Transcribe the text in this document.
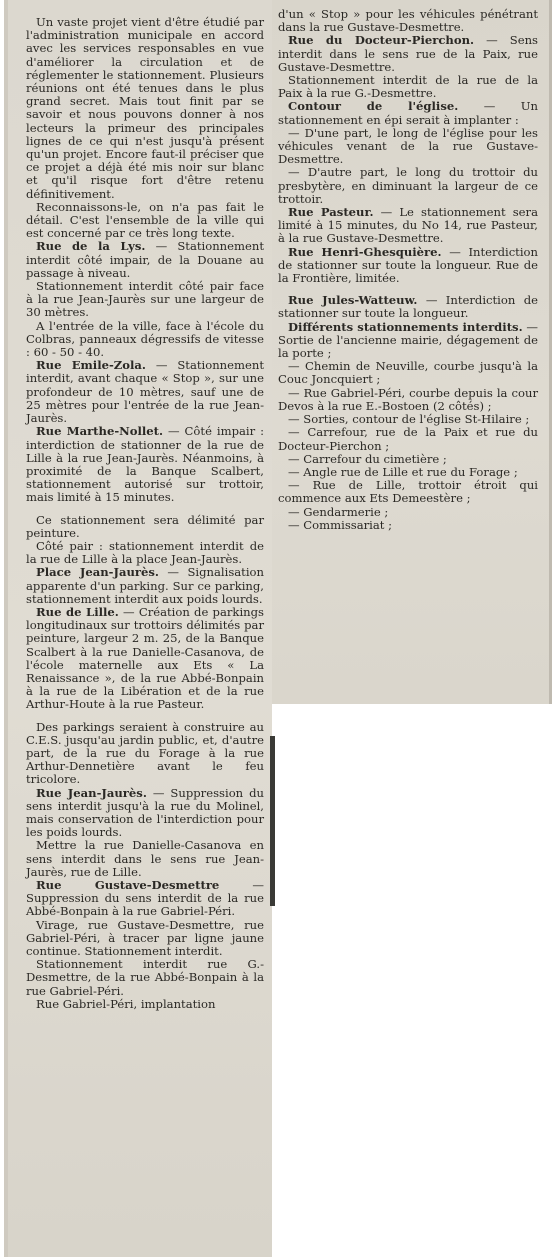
Un vaste projet vient d'être étudié par l'administration municipale en accord avec les services responsables en vue d'améliorer la circulation et de réglementer le stationnement. Plusieurs réunions ont été tenues dans le plus grand secret. Mais tout finit par se savoir et nous pouvons donner à nos lecteurs la primeur des principales lignes de ce qui n'est jusqu'à présent qu'un projet. Encore faut-il préciser que ce projet a déjà été mis noir sur blanc et qu'il risque fort d'être retenu définitivement.

Reconnaissons-le, on n'a pas fait le détail. C'est l'ensemble de la ville qui est concerné par ce très long texte.

Rue de la Lys. — Stationnement interdit côté impair, de la Douane au passage à niveau.

Stationnement interdit côté pair face à la rue Jean-Jaurès sur une largeur de 30 mètres.

A l'entrée de la ville, face à l'école du Colbras, panneaux dégressifs de vitesse : 60 - 50 - 40.

Rue Emile-Zola. — Stationnement interdit, avant chaque « Stop », sur une profondeur de 10 mètres, sauf une de 25 mètres pour l'entrée de la rue Jean-Jaurès.

Rue Marthe-Nollet. — Côté impair : interdiction de stationner de la rue de Lille à la rue Jean-Jaurès. Néanmoins, à proximité de la Banque Scalbert, stationnement autorisé sur trottoir, mais limité à 15 minutes.

Ce stationnement sera délimité par peinture.

Côté pair : stationnement interdit de la rue de Lille à la place Jean-Jaurès.

Place Jean-Jaurès. — Signalisation apparente d'un parking. Sur ce parking, stationnement interdit aux poids lourds.

Rue de Lille. — Création de parkings longitudinaux sur trottoirs délimités par peinture, largeur 2 m. 25, de la Banque Scalbert à la rue Danielle-Casanova, de l'école maternelle aux Ets « La Renaissance », de la rue Abbé-Bonpain à la rue de la Libération et de la rue Arthur-Houte à la rue Pasteur.

Des parkings seraient à construire au C.E.S. jusqu'au jardin public, et, d'autre part, de la rue du Forage à la rue Arthur-Dennetière avant le feu tricolore.

Rue Jean-Jaurès. — Suppression du sens interdit jusqu'à la rue du Molinel, mais conservation de l'interdiction pour les poids lourds.

Mettre la rue Danielle-Casanova en sens interdit dans le sens rue Jean-Jaurès, rue de Lille.

Rue Gustave-Desmettre — Suppression du sens interdit de la rue Abbé-Bonpain à la rue Gabriel-Péri.

Virage, rue Gustave-Desmettre, rue Gabriel-Péri, à tracer par ligne jaune continue. Stationnement interdit.

Stationnement interdit rue G.-Desmettre, de la rue Abbé-Bonpain à la rue Gabriel-Péri.

Rue Gabriel-Péri, implantation

d'un « Stop » pour les véhicules pénétrant dans la rue Gustave-Desmettre.

Rue du Docteur-Pierchon. — Sens interdit dans le sens rue de la Paix, rue Gustave-Desmettre.

Stationnement interdit de la rue de la Paix à la rue G.-Desmettre.

Contour de l'église. — Un stationnement en épi serait à implanter :

— D'une part, le long de l'église pour les véhicules venant de la rue Gustave-Desmettre.

— D'autre part, le long du trottoir du presbytère, en diminuant la largeur de ce trottoir.

Rue Pasteur. — Le stationnement sera limité à 15 minutes, du No 14, rue Pasteur, à la rue Gustave-Desmettre.

Rue Henri-Ghesquière. — Interdiction de stationner sur toute la longueur. Rue de la Frontière, limitée.

Rue Jules-Watteuw. — Interdiction de stationner sur toute la longueur.

Différents stationnements interdits. — Sortie de l'ancienne mairie, dégagement de la porte ;

— Chemin de Neuville, courbe jusqu'à la Couc Joncquiert ;

— Rue Gabriel-Péri, courbe depuis la cour Devos à la rue E.-Bostoen (2 côtés) ;

— Sorties, contour de l'église St-Hilaire ;

— Carrefour, rue de la Paix et rue du Docteur-Pierchon ;

— Carrefour du cimetière ;

— Angle rue de Lille et rue du Forage ;

— Rue de Lille, trottoir étroit qui commence aux Ets Demeestère ;

— Gendarmerie ;

— Commissariat ;
